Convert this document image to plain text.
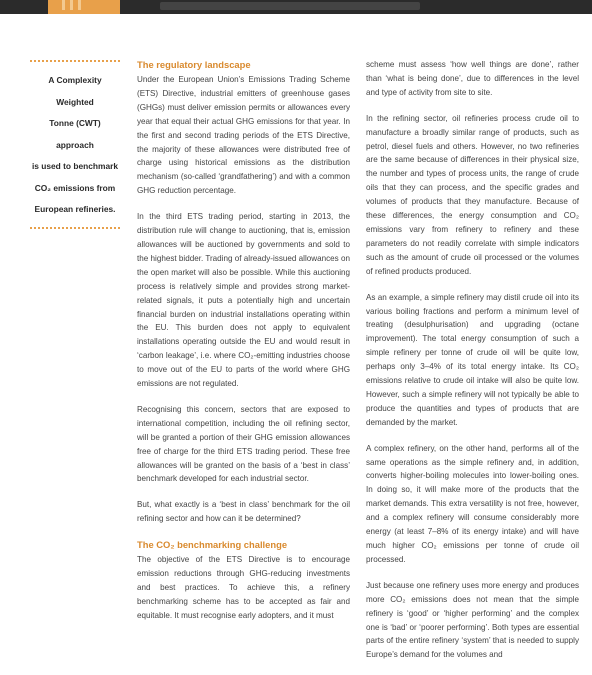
A Complexity Weighted

Tonne (CWT) approach

is used to benchmark

CO₂ emissions from

European refineries.

The regulatory landscape

Under the European Union’s Emissions Trading Scheme (ETS) Directive, industrial emitters of greenhouse gases (GHGs) must deliver emission permits or allowances every year that equal their actual GHG emissions for that year. In the first and second trading periods of the ETS Directive, the majority of these allowances were distributed free of charge using historical emissions as the distribution mechanism (so-called ‘grandfathering’) and with a common GHG reduction percentage.

In the third ETS trading period, starting in 2013, the distribution rule will change to auctioning, that is, emission allowances will be auctioned by governments and sold to the highest bidder. Trading of already-issued allowances on the open market will also be possible. While this auctioning process is relatively simple and provides strong market-related signals, it puts a potentially high and uncertain financial burden on industrial installations operating within the EU. This burden does not apply to equivalent installations operating outside the EU and would result in ‘carbon leakage’, i.e. where CO₂-emitting industries choose to move out of the EU to parts of the world where GHG emissions are not regulated.

Recognising this concern, sectors that are exposed to international competition, including the oil refining sector, will be granted a portion of their GHG emission allowances free of charge for the third ETS trading period. These free allowances will be granted on the basis of a ‘best in class’ benchmark developed for each industrial sector.

But, what exactly is a ‘best in class’ benchmark for the oil refining sector and how can it be determined?

The CO₂ benchmarking challenge

The objective of the ETS Directive is to encourage emission reductions through GHG-reducing investments and best practices. To achieve this, a refinery benchmarking scheme has to be accepted as fair and equitable. It must recognise early adopters, and it must

scheme must assess ‘how well things are done’, rather than ‘what is being done’, due to differences in the level and type of activity from site to site.

In the refining sector, oil refineries process crude oil to manufacture a broadly similar range of products, such as petrol, diesel fuels and others. However, no two refineries are the same because of differences in their physical size, the number and types of process units, the range of crude oils that they can process, and the specific grades and volumes of products that they manufacture. Because of these differences, the energy consumption and CO₂ emissions vary from refinery to refinery and these parameters do not readily correlate with simple indicators such as the amount of crude oil processed or the volumes of refined products produced.

As an example, a simple refinery may distil crude oil into its various boiling fractions and perform a minimum level of treating (desulphurisation) and upgrading (octane improvement). The total energy consumption of such a simple refinery per tonne of crude oil will be quite low, perhaps only 3–4% of its total energy intake. Its CO₂ emissions relative to crude oil intake will also be quite low. However, such a simple refinery will not typically be able to produce the quantities and types of products that are demanded by the market.

A complex refinery, on the other hand, performs all of the same operations as the simple refinery and, in addition, converts higher-boiling molecules into lower-boiling ones. In doing so, it will make more of the products that the market demands. This extra versatility is not free, however, and a complex refinery will consume considerably more energy (at least 7–8% of its energy intake) and will have much higher CO₂ emissions per tonne of crude oil processed.

Just because one refinery uses more energy and produces more CO₂ emissions does not mean that the simple refinery is ‘good’ or ‘higher performing’ and the complex one is ‘bad’ or ‘poorer performing’. Both types are essential parts of the entire refinery ‘system’ that is needed to supply Europe’s demand for the volumes and
